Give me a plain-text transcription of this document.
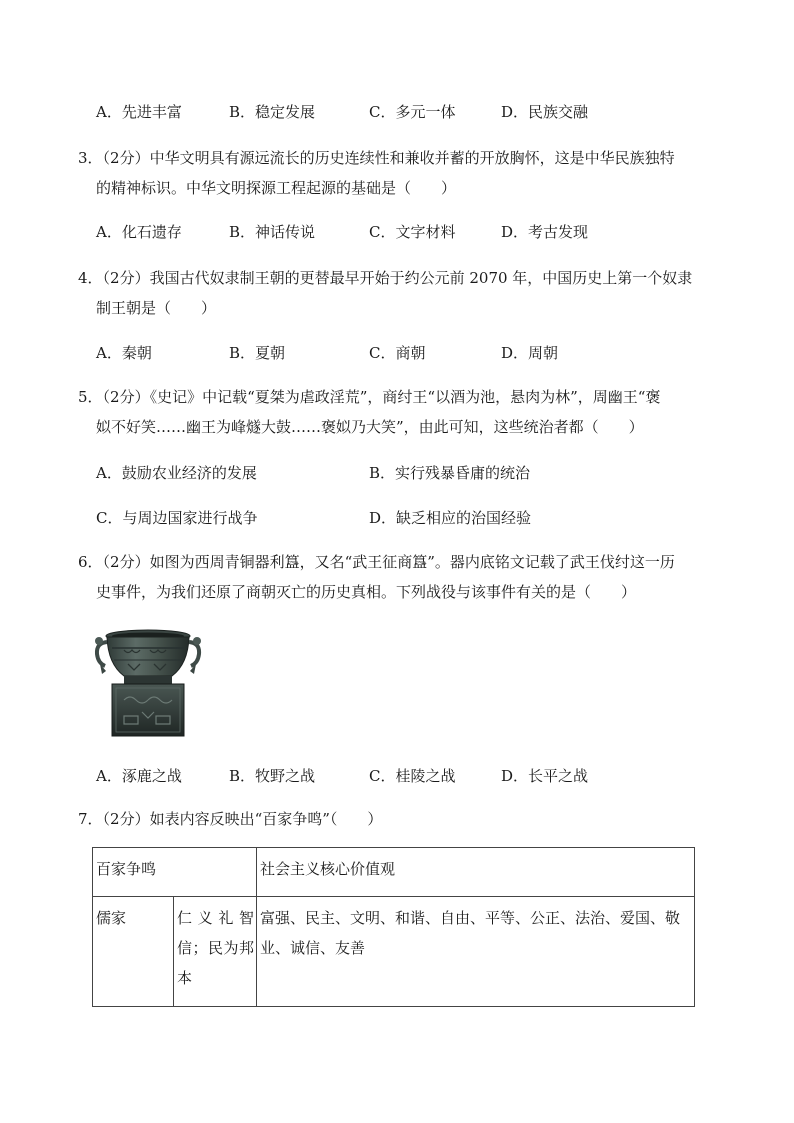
A．先进丰富	B．稳定发展	C．多元一体	D．民族交融
3．（2分）中华文明具有源远流长的历史连续性和兼收并蓄的开放胸怀，这是中华民族独特
的精神标识。中华文明探源工程起源的基础是（　　）
A．化石遗存	B．神话传说	C．文字材料	D．考古发现
4．（2分）我国古代奴隶制王朝的更替最早开始于约公元前 2070 年，中国历史上第一个奴隶
制王朝是（　　）
A．秦朝	B．夏朝	C．商朝	D．周朝
5．（2分）《史记》中记载“夏桀为虐政淫荒”，商纣王“以酒为池，悬肉为林”，周幽王“褒
姒不好笑……幽王为峰燧大鼓……褒姒乃大笑”，由此可知，这些统治者都（　　）
A．鼓励农业经济的发展	B．实行残暴昏庸的统治
C．与周边国家进行战争	D．缺乏相应的治国经验
6．（2分）如图为西周青铜器利簋，又名“武王征商簋”。器内底铭文记载了武王伐纣这一历
史事件，为我们还原了商朝灭亡的历史真相。下列战役与该事件有关的是（　　）
A．涿鹿之战	B．牧野之战	C．桂陵之战	D．长平之战
7．（2分）如表内容反映出“百家争鸣”（　　）
百家争鸣		社会主义核心价值观
儒家	仁 义 礼 智 信；民为邦本	富强、民主、文明、和谐、自由、平等、公正、法治、爱国、敬业、诚信、友善
